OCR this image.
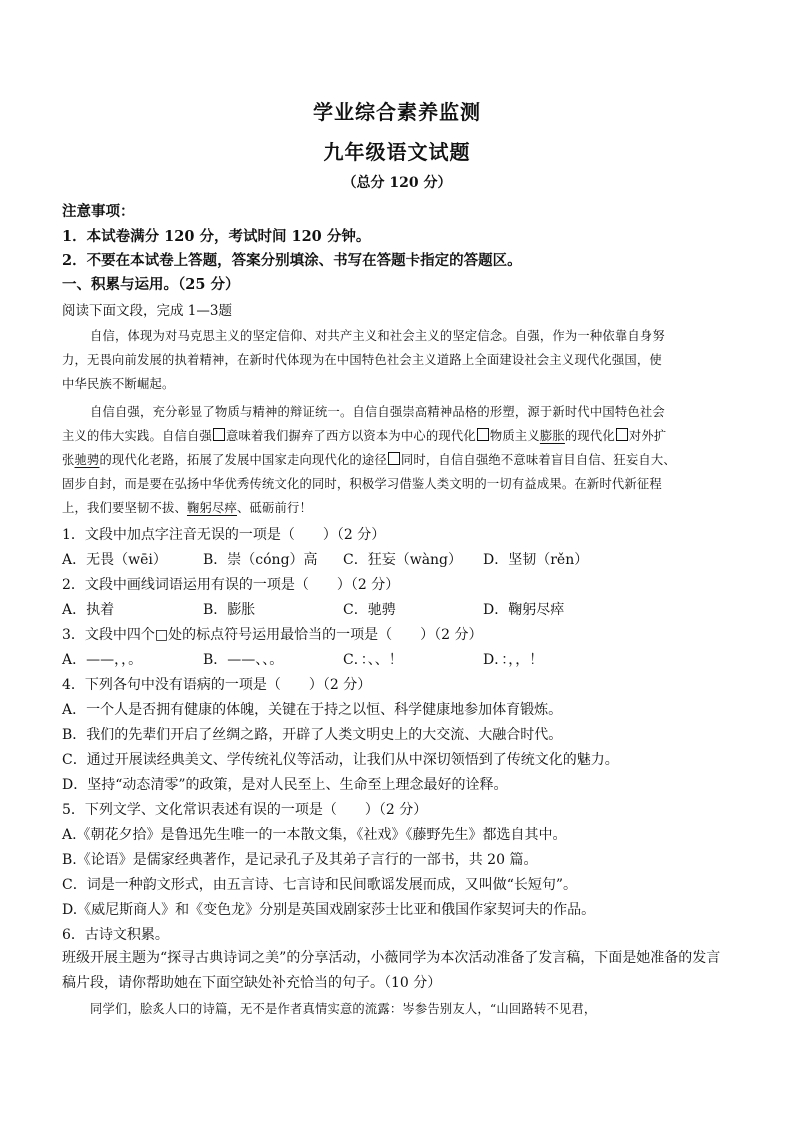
学业综合素养监测
九年级语文试题
（总分 120 分）
注意事项：
1．本试卷满分 120 分，考试时间 120 分钟。
2．不要在本试卷上答题，答案分别填涂、书写在答题卡指定的答题区。
一、积累与运用。（25 分）
阅读下面文段，完成 1—3题
自信，体现为对马克思主义的坚定信仰、对共产主义和社会主义的坚定信念。自强，作为一种依靠自身努
力，无畏向前发展的执着精神，在新时代体现为在中国特色社会主义道路上全面建设社会主义现代化强国，使
中华民族不断崛起。
自信自强，充分彰显了物质与精神的辩证统一。自信自强崇高精神品格的形塑，源于新时代中国特色社会
主义的伟大实践。自信自强 意味着我们摒弃了西方以资本为中心的现代化 物质主义膨胀的现代化 对外扩
张驰骋的现代化老路，拓展了发展中国家走向现代化的途径 同时，自信自强绝不意味着盲目自信、狂妄自大、
固步自封，而是要在弘扬中华优秀传统文化的同时，积极学习借鉴人类文明的一切有益成果。在新时代新征程
上，我们要坚韧不拔、鞠躬尽瘁、砥砺前行！
1．文段中加点字注音无误的一项是（　　）（2 分）
A．无畏（wēi）	B．崇（cóng）高 C．狂妄（wàng） D．坚韧（rěn）
2．文段中画线词语运用有误的一项是（　　）（2 分）
A．执着	B．膨胀	C．驰骋	D．鞠躬尽瘁
3．文段中四个□处的标点符号运用最恰当的一项是（　　）（2 分）
A．——，，。	B．——、、。	C．：、、！	D．：，，！
4．下列各句中没有语病的一项是（　　）（2 分）
A．一个人是否拥有健康的体魄，关键在于持之以恒、科学健康地参加体育锻炼。
B．我们的先辈们开启了丝绸之路，开辟了人类文明史上的大交流、大融合时代。
C．通过开展读经典美文、学传统礼仪等活动，让我们从中深切领悟到了传统文化的魅力。
D．坚持“动态清零”的政策，是对人民至上、生命至上理念最好的诠释。
5．下列文学、文化常识表述有误的一项是（　　）（2 分）
A.《朝花夕拾》是鲁迅先生唯一的一本散文集，《社戏》《藤野先生》都选自其中。
B.《论语》是儒家经典著作，是记录孔子及其弟子言行的一部书，共 20 篇。
C．词是一种韵文形式，由五言诗、七言诗和民间歌谣发展而成，又叫做“长短句”。
D.《威尼斯商人》和《变色龙》分别是英国戏剧家莎士比亚和俄国作家契诃夫的作品。
6．古诗文积累。
班级开展主题为“探寻古典诗词之美”的分享活动，小薇同学为本次活动准备了发言稿，下面是她准备的发言
稿片段，请你帮助她在下面空缺处补充恰当的句子。（10 分）
同学们，脍炙人口的诗篇，无不是作者真情实意的流露：岑参告别友人，“山回路转不见君，
